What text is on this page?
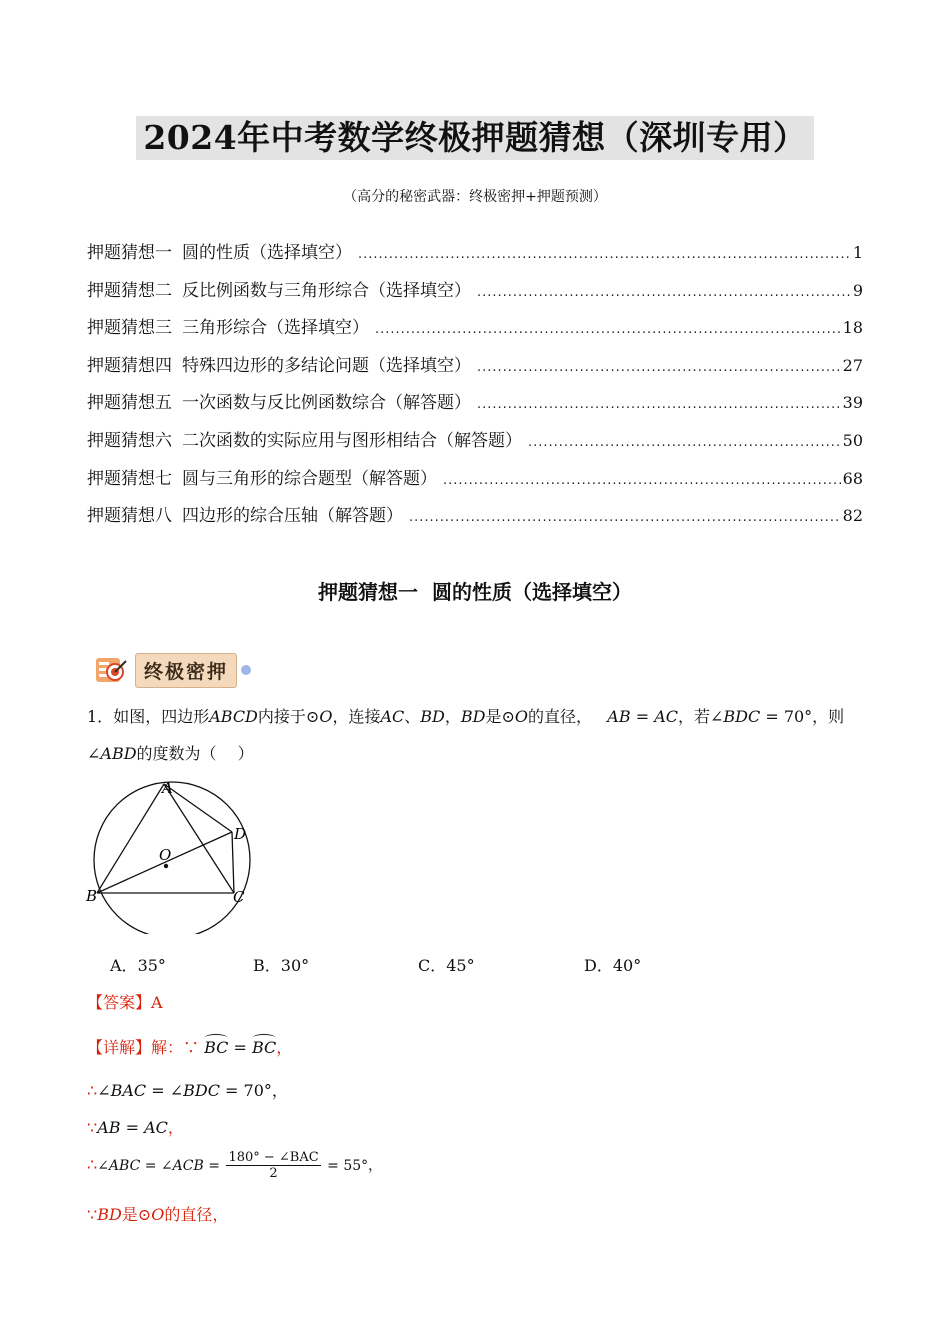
2024年中考数学终极押题猜想（深圳专用）
（高分的秘密武器：终极密押+押题预测）
押题猜想一 圆的性质（选择填空） .....	1
押题猜想二 反比例函数与三角形综合（选择填空） .....	9
押题猜想三 三角形综合（选择填空） .....	18
押题猜想四 特殊四边形的多结论问题（选择填空） .....	27
押题猜想五 一次函数与反比例函数综合（解答题） .....	39
押题猜想六 二次函数的实际应用与图形相结合（解答题） .....	50
押题猜想七 圆与三角形的综合题型（解答题） .....	68
押题猜想八 四边形的综合压轴（解答题） .....	82
押题猜想一 圆的性质（选择填空）
终极密押
1．如图，四边形ABCD内接于⊙O，连接AC、BD，BD是⊙O的直径， AB = AC，若∠BDC = 70°，则
∠ABD的度数为（　 ）
A
D
O
B	C
A．35°	B．30°	C．45°	D．40°
【答案】A
【详解】解：∵ BC = BC，
∴∠BAC = ∠BDC = 70°，
∵AB = AC，
∴∠ABC = ∠ACB = $\frac{\text{180° − ∠BAC}}{2} = 55^\circ$，
∵BD是⊙O的直径，
